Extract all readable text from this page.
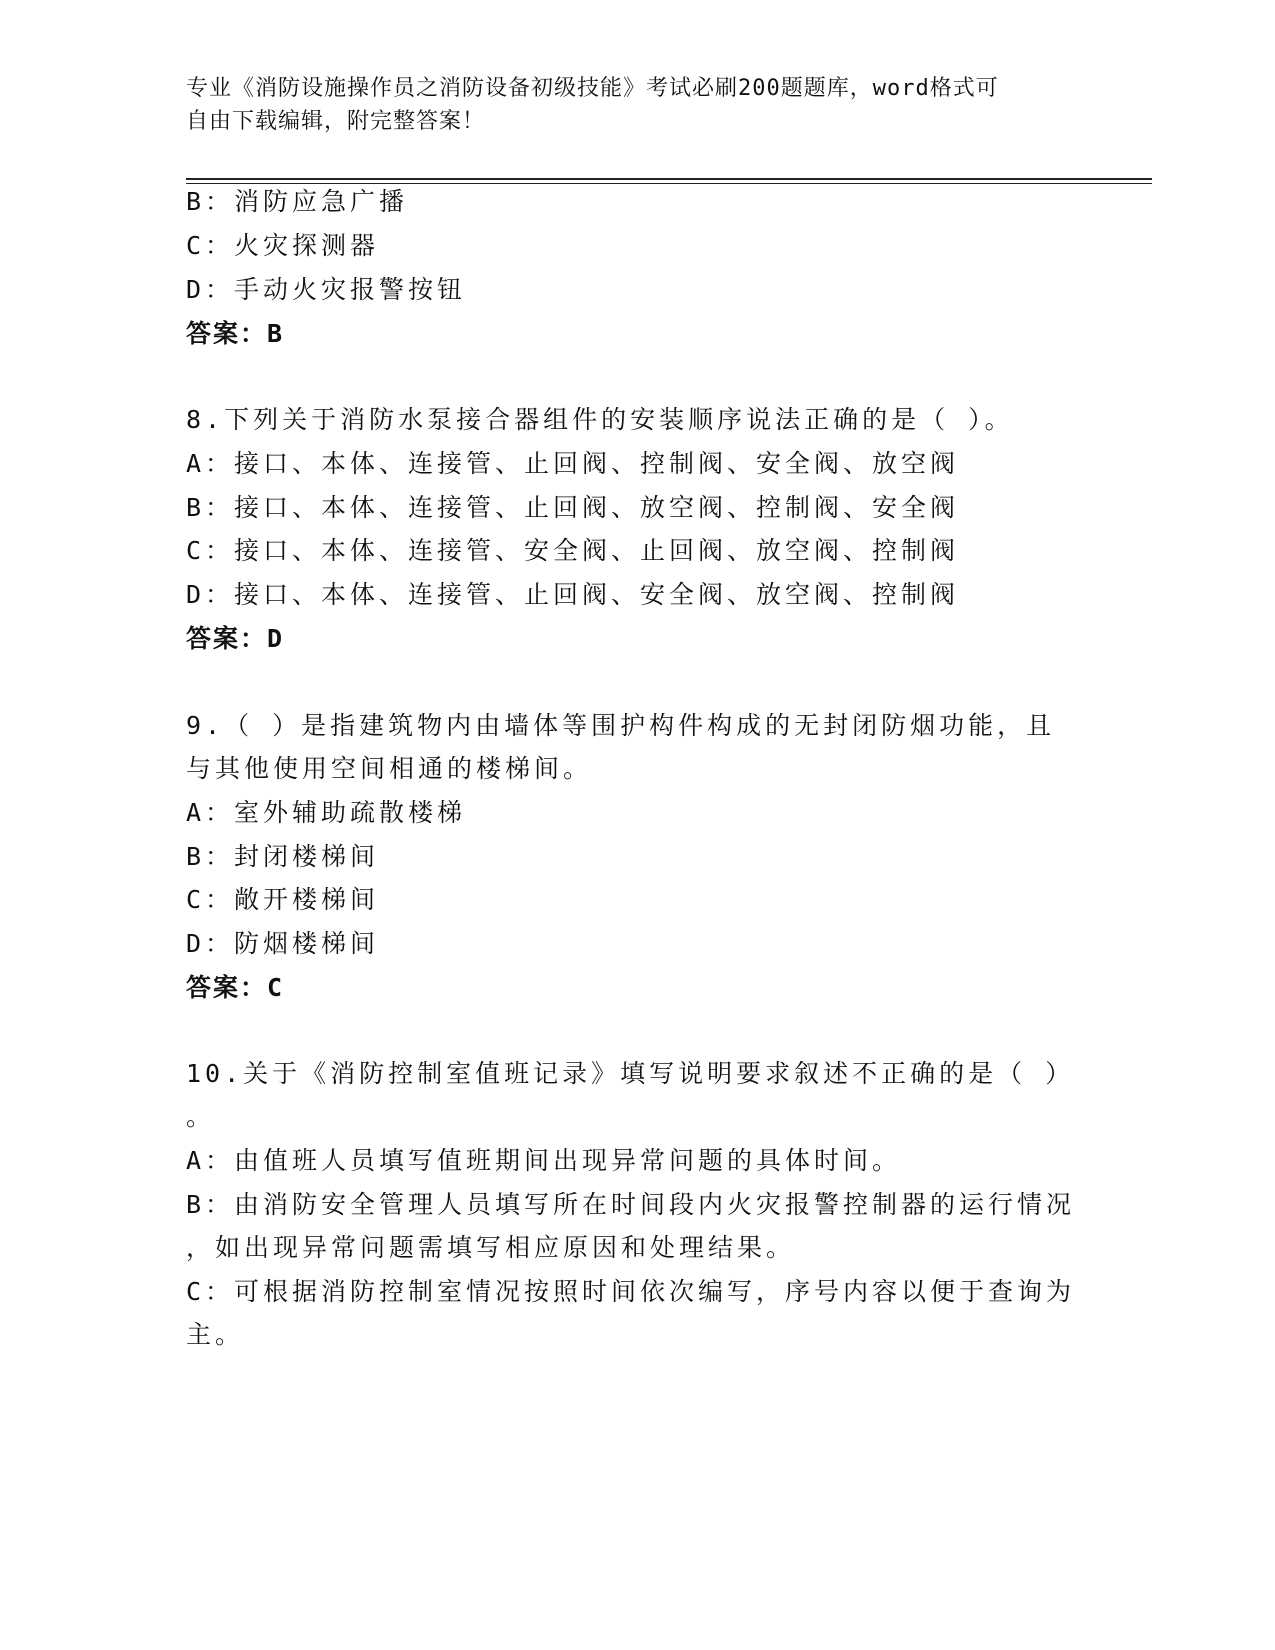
专业《消防设施操作员之消防设备初级技能》考试必刷200题题库，word格式可
自由下载编辑，附完整答案！
B：消防应急广播
C：火灾探测器
D：手动火灾报警按钮
答案：B
8.下列关于消防水泵接合器组件的安装顺序说法正确的是（ ）。
A：接口、本体、连接管、止回阀、控制阀、安全阀、放空阀
B：接口、本体、连接管、止回阀、放空阀、控制阀、安全阀
C：接口、本体、连接管、安全阀、止回阀、放空阀、控制阀
D：接口、本体、连接管、止回阀、安全阀、放空阀、控制阀
答案：D
9.（ ）是指建筑物内由墙体等围护构件构成的无封闭防烟功能，且
与其他使用空间相通的楼梯间。
A：室外辅助疏散楼梯
B：封闭楼梯间
C：敞开楼梯间
D：防烟楼梯间
答案：C
10.关于《消防控制室值班记录》填写说明要求叙述不正确的是（ ）
。
A：由值班人员填写值班期间出现异常问题的具体时间。
B：由消防安全管理人员填写所在时间段内火灾报警控制器的运行情况
，如出现异常问题需填写相应原因和处理结果。
C：可根据消防控制室情况按照时间依次编写，序号内容以便于查询为
主。
